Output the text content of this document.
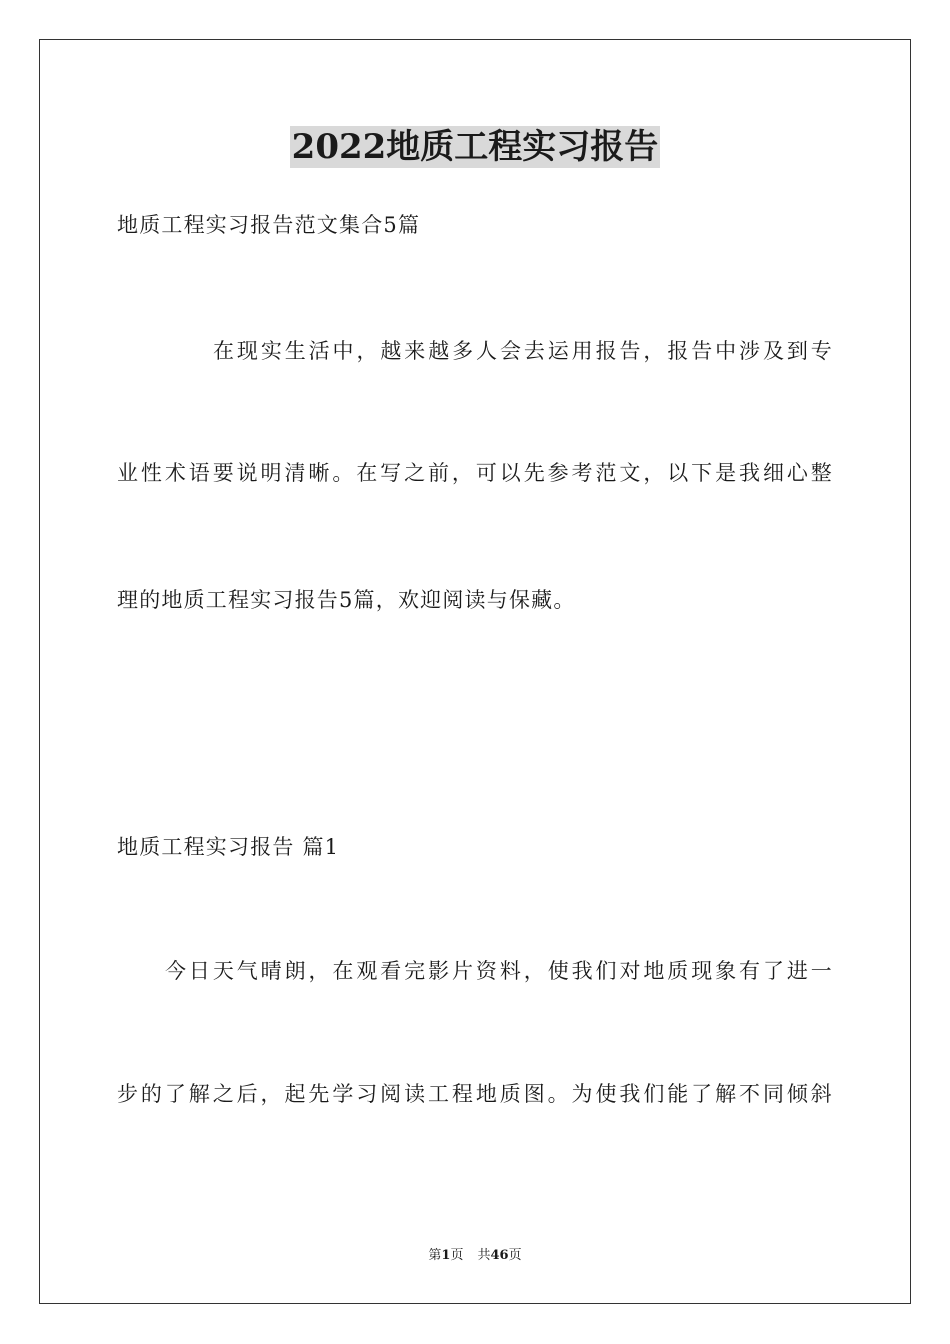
2022地质工程实习报告
地质工程实习报告范文集合5篇
在现实生活中，越来越多人会去运用报告，报告中涉及到专
业性术语要说明清晰。在写之前，可以先参考范文，以下是我细心整
理的地质工程实习报告5篇，欢迎阅读与保藏。
地质工程实习报告 篇1
今日天气晴朗，在观看完影片资料，使我们对地质现象有了进一
步的了解之后，起先学习阅读工程地质图。为使我们能了解不同倾斜
第1页 共46页
